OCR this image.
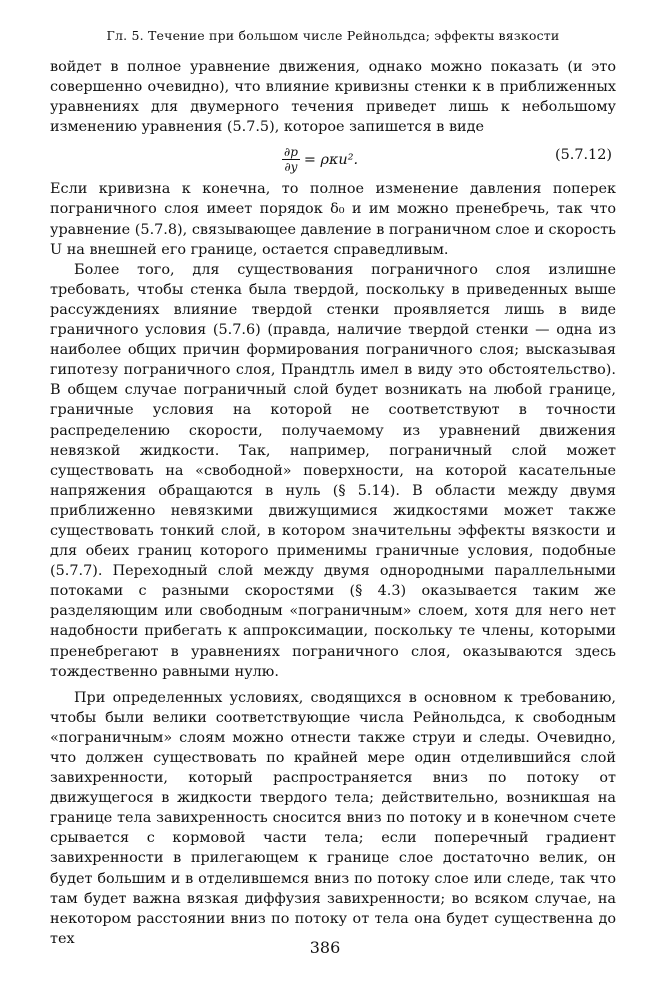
Гл. 5. Течение при большом числе Рейнольдса; эффекты вязкости

войдет в полное уравнение движения, однако можно показать (и это совершенно очевидно), что влияние кривизны стенки κ в приближенных уравнениях для двумерного течения приведет лишь к небольшому изменению уравнения (5.7.5), которое запишется в виде

$\frac{\partial p}{\partial y} = \rho\kappa u^2$.	(5.7.12)

Если кривизна κ конечна, то полное изменение давления поперек пограничного слоя имеет порядок δ₀ и им можно пренебречь, так что уравнение (5.7.8), связывающее давление в пограничном слое и скорость U на внешней его границе, остается справедливым.

Более того, для существования пограничного слоя излишне требовать, чтобы стенка была твердой, поскольку в приведенных выше рассуждениях влияние твердой стенки проявляется лишь в виде граничного условия (5.7.6) (правда, наличие твердой стенки — одна из наиболее общих причин формирования пограничного слоя; высказывая гипотезу пограничного слоя, Прандтль имел в виду это обстоятельство). В общем случае пограничный слой будет возникать на любой границе, граничные условия на которой не соответствуют в точности распределению скорости, получаемому из уравнений движения невязкой жидкости. Так, например, пограничный слой может существовать на «свободной» поверхности, на которой касательные напряжения обращаются в нуль (§ 5.14). В области между двумя приближенно невязкими движущимися жидкостями может также существовать тонкий слой, в котором значительны эффекты вязкости и для обеих границ которого применимы граничные условия, подобные (5.7.7). Переходный слой между двумя однородными параллельными потоками с разными скоростями (§ 4.3) оказывается таким же разделяющим или свободным «пограничным» слоем, хотя для него нет надобности прибегать к аппроксимации, поскольку те члены, которыми пренебрегают в уравнениях пограничного слоя, оказываются здесь тождественно равными нулю.

При определенных условиях, сводящихся в основном к требованию, чтобы были велики соответствующие числа Рейнольдса, к свободным «пограничным» слоям можно отнести также струи и следы. Очевидно, что должен существовать по крайней мере один отделившийся слой завихренности, который распространяется вниз по потоку от движущегося в жидкости твердого тела; действительно, возникшая на границе тела завихренность сносится вниз по потоку и в конечном счете срывается с кормовой части тела; если поперечный градиент завихренности в прилегающем к границе слое достаточно велик, он будет большим и в отделившемся вниз по потоку слое или следе, так что там будет важна вязкая диффузия завихренности; во всяком случае, на некотором расстоянии вниз по потоку от тела она будет существенна до тех	386
